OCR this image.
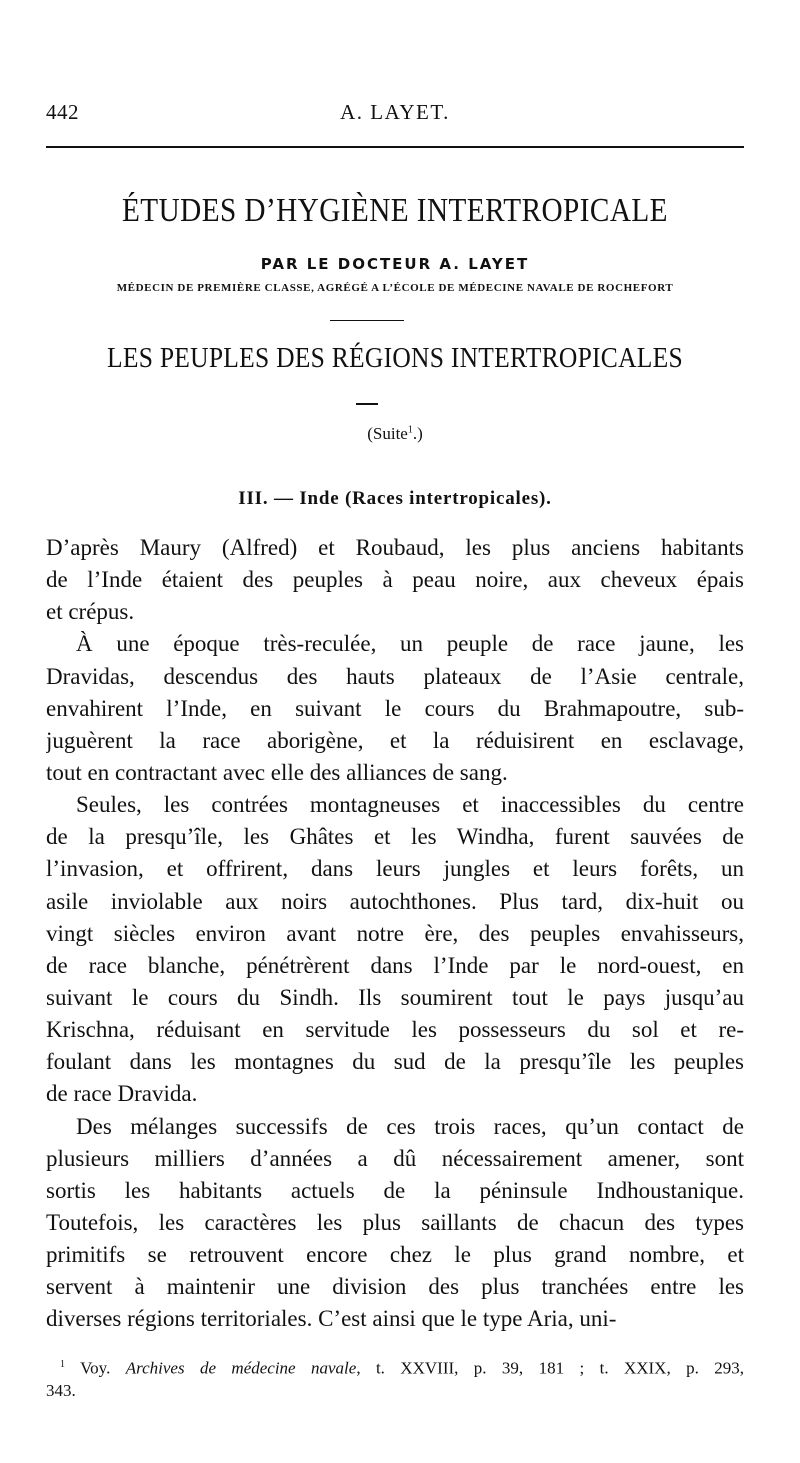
442	A. LAYET.
ÉTUDES D’HYGIÈNE INTERTROPICALE
PAR LE DOCTEUR A. LAYET
MÉDECIN DE PREMIÈRE CLASSE, AGRÉGÉ A L’ÉCOLE DE MÉDECINE NAVALE DE ROCHEFORT
LES PEUPLES DES RÉGIONS INTERTROPICALES
(Suite$^1$.)
III. — Inde (Races intertropicales).
D’après Maury (Alfred) et Roubaud, les plus anciens habitants
de l’Inde étaient des peuples à peau noire, aux cheveux épais
et crépus.
À une époque très-reculée, un peuple de race jaune, les
Dravidas, descendus des hauts plateaux de l’Asie centrale,
envahirent l’Inde, en suivant le cours du Brahmapoutre, sub-
juguèrent la race aborigène, et la réduisirent en esclavage,
tout en contractant avec elle des alliances de sang.
Seules, les contrées montagneuses et inaccessibles du centre
de la presqu’île, les Ghâtes et les Windha, furent sauvées de
l’invasion, et offrirent, dans leurs jungles et leurs forêts, un
asile inviolable aux noirs autochthones. Plus tard, dix-huit ou
vingt siècles environ avant notre ère, des peuples envahisseurs,
de race blanche, pénétrèrent dans l’Inde par le nord-ouest, en
suivant le cours du Sindh. Ils soumirent tout le pays jusqu’au
Krischna, réduisant en servitude les possesseurs du sol et re-
foulant dans les montagnes du sud de la presqu’île les peuples
de race Dravida.
Des mélanges successifs de ces trois races, qu’un contact de
plusieurs milliers d’années a dû nécessairement amener, sont
sortis les habitants actuels de la péninsule Indhoustanique.
Toutefois, les caractères les plus saillants de chacun des types
primitifs se retrouvent encore chez le plus grand nombre, et
servent à maintenir une division des plus tranchées entre les
diverses régions territoriales. C’est ainsi que le type Aria, uni-
$^1$ Voy. Archives de médecine navale, t. XXVIII, p. 39, 181 ; t. XXIX, p. 293,
343.
